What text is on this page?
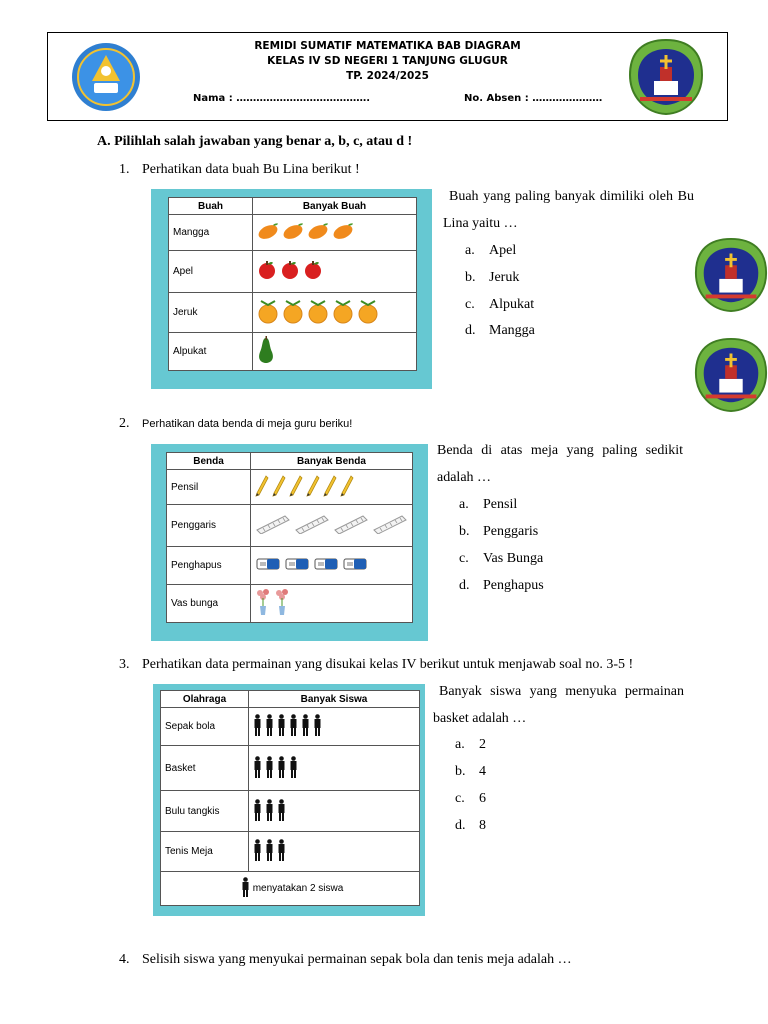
REMIDI SUMATIF MATEMATIKA BAB DIAGRAM
KELAS IV SD NEGERI 1 TANJUNG GLUGUR
TP. 2024/2025
Nama : ………………………………….	No. Absen : …………………
A. Pilihlah salah jawaban yang benar a, b, c, atau d !
1. Perhatikan data buah Bu Lina berikut !
Buah	Banyak Buah
Mangga	
Apel	
Jeruk	
Alpukat	
Buah yang paling banyak dimiliki oleh Bu Lina yaitu …
a. Apel
b. Jeruk
c. Alpukat
d. Mangga
2. Perhatikan data benda di meja guru beriku!
Benda	Banyak Benda
Pensil	
Penggaris	
Penghapus	
Vas bunga	
Benda di atas meja yang paling sedikit adalah …
a. Pensil
b. Penggaris
c. Vas Bunga
d. Penghapus
3. Perhatikan data permainan yang disukai kelas IV berikut untuk menjawab soal no. 3-5 !
Olahraga	Banyak Siswa
Sepak bola	
Basket	
Bulu tangkis	
Tenis Meja	
menyatakan 2 siswa	
Banyak siswa yang menyuka permainan basket adalah …
a. 2
b. 4
c. 6
d. 8
4. Selisih siswa yang menyukai permainan sepak bola dan tenis meja adalah …
